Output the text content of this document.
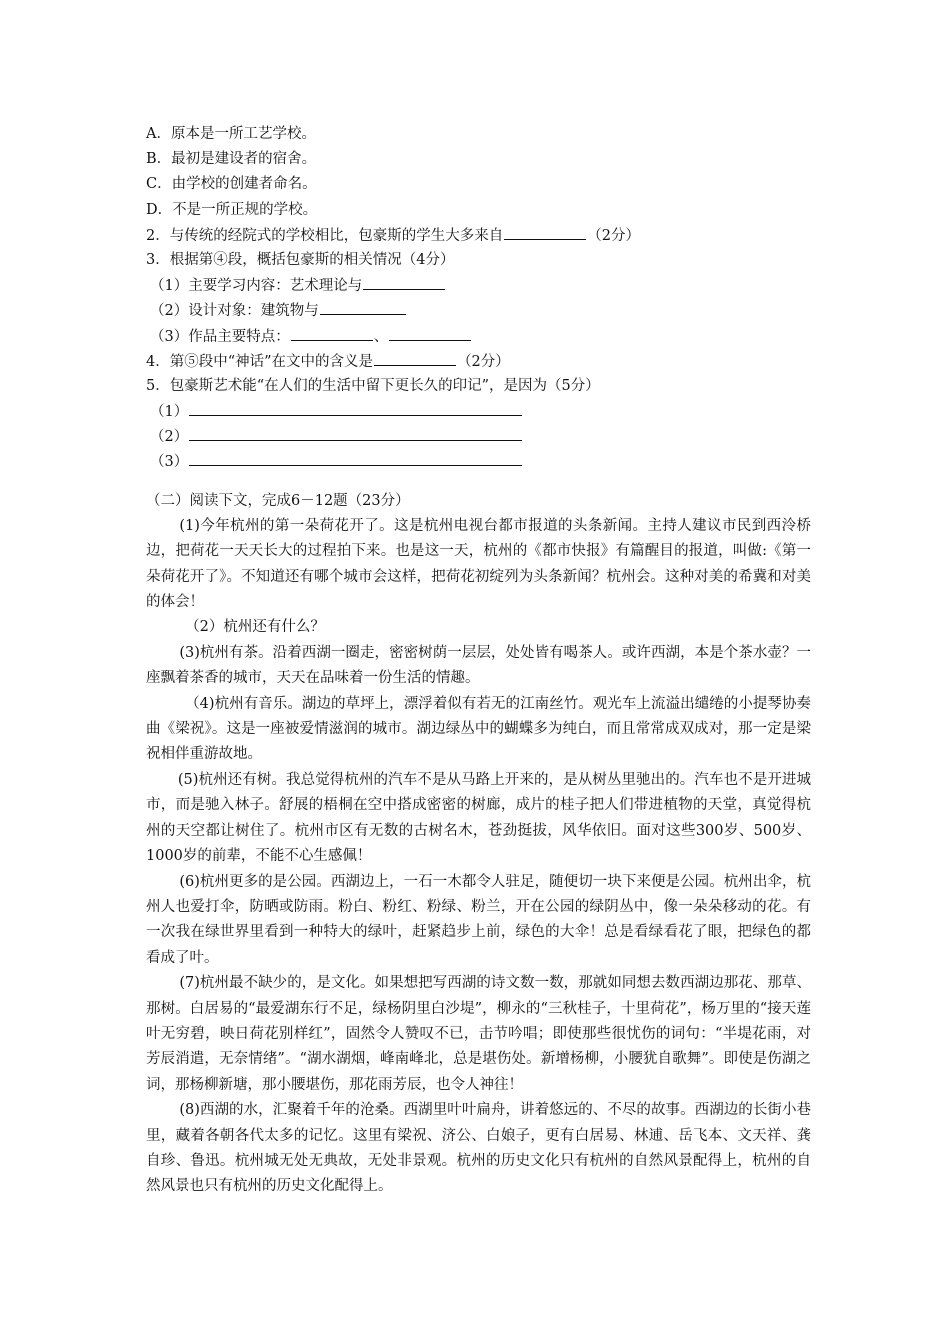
A．原本是一所工艺学校。
B．最初是建设者的宿舍。
C．由学校的创建者命名。
D．不是一所正规的学校。
2．与传统的经院式的学校相比，包豪斯的学生大多来自	（2分）
3．根据第④段，概括包豪斯的相关情况（4分）
（1）主要学习内容：艺术理论与
（2）设计对象：建筑物与
（3）作品主要特点：	、
4．第⑤段中“神话”在文中的含义是	（2分）
5．包豪斯艺术能“在人们的生活中留下更长久的印记”，是因为（5分）
（1）
（2）
（3）
（二）阅读下文，完成6－12题（23分）

(1)今年杭州的第一朵荷花开了。这是杭州电视台都市报道的头条新闻。主持人建议市民到西泠桥边，把荷花一天天长大的过程拍下来。也是这一天，杭州的《都市快报》有篇醒目的报道，叫做:《第一朵荷花开了》。不知道还有哪个城市会这样，把荷花初绽列为头条新闻？杭州会。这种对美的希冀和对美的体会！

（2）杭州还有什么？

(3)杭州有茶。沿着西湖一圈走，密密树荫一层层，处处皆有喝茶人。或许西湖，本是个茶水壶？一座飘着茶香的城市，天天在品味着一份生活的情趣。

（4)杭州有音乐。湖边的草坪上，漂浮着似有若无的江南丝竹。观光车上流溢出缱绻的小提琴协奏曲《梁祝》。这是一座被爱情滋润的城市。湖边绿丛中的蝴蝶多为纯白，而且常常成双成对，那一定是梁祝相伴重游故地。

(5)杭州还有树。我总觉得杭州的汽车不是从马路上开来的，是从树丛里驰出的。汽车也不是开进城市，而是驰入林子。舒展的梧桐在空中搭成密密的树廊，成片的桂子把人们带进植物的天堂，真觉得杭州的天空都让树住了。杭州市区有无数的古树名木，苍劲挺拔，风华依旧。面对这些300岁、500岁、1000岁的前辈，不能不心生感佩！

(6)杭州更多的是公园。西湖边上，一石一木都令人驻足，随便切一块下来便是公园。杭州出伞，杭州人也爱打伞，防晒或防雨。粉白、粉红、粉绿、粉兰，开在公园的绿阴丛中，像一朵朵移动的花。有一次我在绿世界里看到一种特大的绿叶，赶紧趋步上前，绿色的大伞！总是看绿看花了眼，把绿色的都看成了叶。

(7)杭州最不缺少的，是文化。如果想把写西湖的诗文数一数，那就如同想去数西湖边那花、那草、那树。白居易的“最爱湖东行不足，绿杨阴里白沙堤”，柳永的“三秋桂子，十里荷花”，杨万里的“接天莲叶无穷碧，映日荷花别样红”，固然令人赞叹不已，击节吟唱；即使那些很忧伤的词句：“半堤花雨，对芳辰消遣，无奈情绪”。“湖水湖烟，峰南峰北，总是堪伤处。新增杨柳，小腰犹自歌舞”。即使是伤湖之词，那杨柳新塘，那小腰堪伤，那花雨芳辰，也令人神往！

(8)西湖的水，汇聚着千年的沧桑。西湖里叶叶扁舟，讲着悠远的、不尽的故事。西湖边的长街小巷里，藏着各朝各代太多的记忆。这里有梁祝、济公、白娘子，更有白居易、林逋、岳飞本、文天祥、龚自珍、鲁迅。杭州城无处无典故，无处非景观。杭州的历史文化只有杭州的自然风景配得上，杭州的自然风景也只有杭州的历史文化配得上。
